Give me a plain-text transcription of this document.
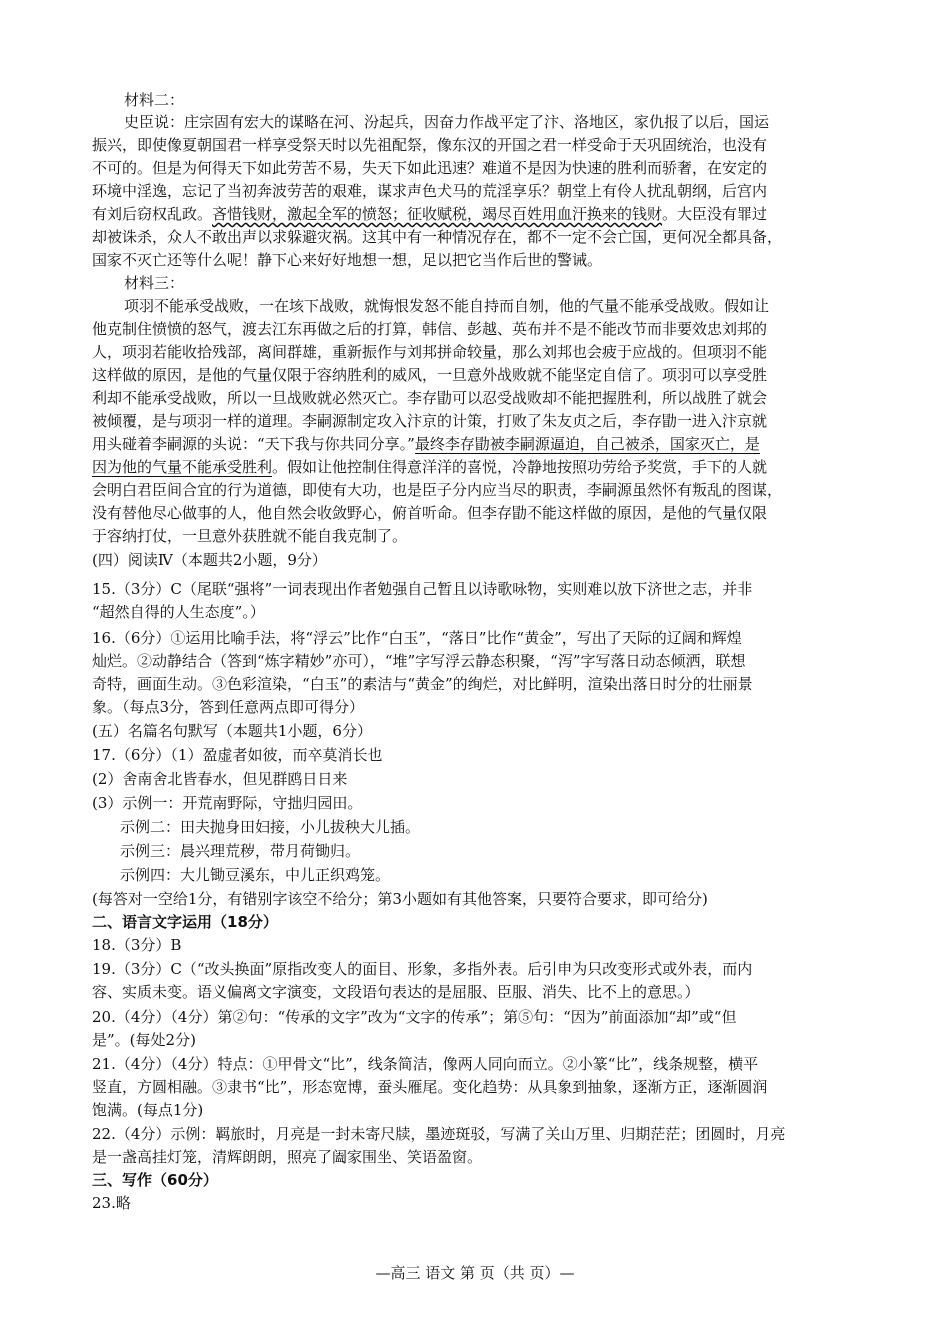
材料二：
史臣说：庄宗固有宏大的谋略在河、汾起兵，因奋力作战平定了汴、洛地区，家仇报了以后，国运
振兴，即使像夏朝国君一样享受祭天时以先祖配祭，像东汉的开国之君一样受命于天巩固统治，也没有
不可的。但是为何得天下如此劳苦不易，失天下如此迅速？难道不是因为快速的胜利而骄奢，在安定的
环境中淫逸，忘记了当初奔波劳苦的艰难，谋求声色犬马的荒淫享乐？朝堂上有伶人扰乱朝纲，后宫内
有刘后窃权乱政。吝惜钱财，激起全军的愤怒；征收赋税，竭尽百姓用血汗换来的钱财。大臣没有罪过
却被诛杀，众人不敢出声以求躲避灾祸。这其中有一种情况存在，都不一定不会亡国，更何况全都具备，
国家不灭亡还等什么呢！静下心来好好地想一想，足以把它当作后世的警诫。
材料三：
项羽不能承受战败，一在垓下战败，就悔恨发怒不能自持而自刎，他的气量不能承受战败。假如让
他克制住愤愤的怒气，渡去江东再做之后的打算，韩信、彭越、英布并不是不能改节而非要效忠刘邦的
人，项羽若能收拾残部，离间群雄，重新振作与刘邦拼命较量，那么刘邦也会疲于应战的。但项羽不能
这样做的原因，是他的气量仅限于容纳胜利的威风，一旦意外战败就不能坚定自信了。项羽可以享受胜
利却不能承受战败，所以一旦战败就必然灭亡。李存勖可以忍受战败却不能把握胜利，所以战胜了就会
被倾覆，是与项羽一样的道理。李嗣源制定攻入汴京的计策，打败了朱友贞之后，李存勖一进入汴京就
用头碰着李嗣源的头说：“天下我与你共同分享。”最终李存勖被李嗣源逼迫，自己被杀，国家灭亡，是
因为他的气量不能承受胜利。假如让他控制住得意洋洋的喜悦，冷静地按照功劳给予奖赏，手下的人就
会明白君臣间合宜的行为道德，即使有大功，也是臣子分内应当尽的职责，李嗣源虽然怀有叛乱的图谋，
没有替他尽心做事的人，他自然会收敛野心，俯首听命。但李存勖不能这样做的原因，是他的气量仅限
于容纳打仗，一旦意外获胜就不能自我克制了。
(四）阅读Ⅳ（本题共2小题，9分）
15.（3分）C（尾联“强将”一词表现出作者勉强自己暂且以诗歌咏物，实则难以放下济世之志，并非
“超然自得的人生态度”。）
16.（6分）①运用比喻手法，将“浮云”比作“白玉”，“落日”比作“黄金”，写出了天际的辽阔和辉煌
灿烂。②动静结合（答到“炼字精妙”亦可），“堆”字写浮云静态积聚，“泻”字写落日动态倾洒，联想
奇特，画面生动。③色彩渲染，“白玉”的素洁与“黄金”的绚烂，对比鲜明，渲染出落日时分的壮丽景
象。（每点3分，答到任意两点即可得分）
(五）名篇名句默写（本题共1小题，6分）
17.（6分）（1）盈虚者如彼，而卒莫消长也
(2）舍南舍北皆春水，但见群鸥日日来
(3）示例一：开荒南野际，守拙归园田。
示例二：田夫抛身田妇接，小儿拔秧大儿插。
示例三：晨兴理荒秽，带月荷锄归。
示例四：大儿锄豆溪东，中儿正织鸡笼。
(每答对一空给1分，有错别字该空不给分；第3小题如有其他答案，只要符合要求，即可给分)
二、语言文字运用（18分）
18.（3分）B
19.（3分）C（“改头换面”原指改变人的面目、形象，多指外表。后引申为只改变形式或外表，而内
容、实质未变。语义偏离文字演变，文段语句表达的是屈服、臣服、消失、比不上的意思。）
20.（4分）（4分）第②句：“传承的文字”改为“文字的传承”；第⑤句：“因为”前面添加“却”或“但
是”。(每处2分)
21.（4分）（4分）特点：①甲骨文“比”，线条简洁，像两人同向而立。②小篆“比”，线条规整，横平
竖直，方圆相融。③隶书“比”，形态宽博，蚕头雁尾。变化趋势：从具象到抽象，逐渐方正，逐渐圆润
饱满。(每点1分)
22.（4分）示例：羁旅时，月亮是一封未寄尺牍，墨迹斑驳，写满了关山万里、归期茫茫；团圆时，月亮
是一盏高挂灯笼，清辉朗朗，照亮了阖家围坐、笑语盈窗。
三、写作（60分）
23.略
—高三 语文 第 页（共 页）—
